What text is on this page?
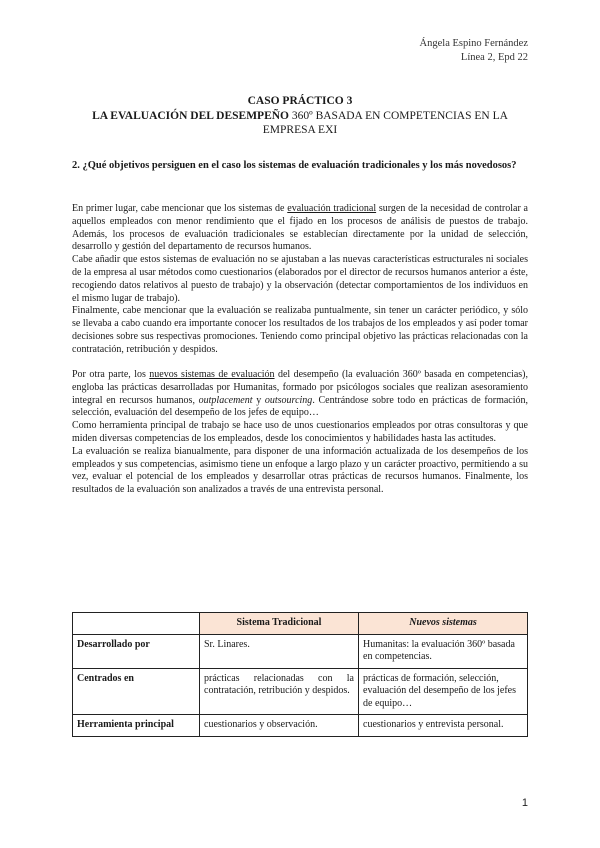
Ángela Espino Fernández
Línea 2, Epd 22
CASO PRÁCTICO 3
LA EVALUACIÓN DEL DESEMPEÑO 360º BASADA EN COMPETENCIAS EN LA EMPRESA EXI
2. ¿Qué objetivos persiguen en el caso los sistemas de evaluación tradicionales y los más novedosos?

En primer lugar, cabe mencionar que los sistemas de evaluación tradicional surgen de la necesidad de controlar a aquellos empleados con menor rendimiento que el fijado en los procesos de análisis de puestos de trabajo. Además, los procesos de evaluación tradicionales se establecían directamente por la unidad de selección, desarrollo y gestión del departamento de recursos humanos.

Cabe añadir que estos sistemas de evaluación no se ajustaban a las nuevas características estructurales ni sociales de la empresa al usar métodos como cuestionarios (elaborados por el director de recursos humanos anterior a éste, recogiendo datos relativos al puesto de trabajo) y la observación (detectar comportamientos de los individuos en el mismo lugar de trabajo).

Finalmente, cabe mencionar que la evaluación se realizaba puntualmente, sin tener un carácter periódico, y sólo se llevaba a cabo cuando era importante conocer los resultados de los trabajos de los empleados y así poder tomar decisiones sobre sus respectivas promociones. Teniendo como principal objetivo las prácticas relacionadas con la contratación, retribución y despidos.

Por otra parte, los nuevos sistemas de evaluación del desempeño (la evaluación 360º basada en competencias), engloba las prácticas desarrolladas por Humanitas, formado por psicólogos sociales que realizan asesoramiento integral en recursos humanos, outplacement y outsourcing. Centrándose sobre todo en prácticas de formación, selección, evaluación del desempeño de los jefes de equipo…

Como herramienta principal de trabajo se hace uso de unos cuestionarios empleados por otras consultoras y que miden diversas competencias de los empleados, desde los conocimientos y habilidades hasta las actitudes.

La evaluación se realiza bianualmente, para disponer de una información actualizada de los desempeños de los empleados y sus competencias, asimismo tiene un enfoque a largo plazo y un carácter proactivo, permitiendo a su vez, evaluar el potencial de los empleados y desarrollar otras prácticas de recursos humanos. Finalmente, los resultados de la evaluación son analizados a través de una entrevista personal.

	Sistema Tradicional	Nuevos sistemas
Desarrollado por	Sr. Linares.	Humanitas: la evaluación 360º basada en competencias.
Centrados en	prácticas relacionadas con la contratación, retribución y despidos.	prácticas de formación, selección, evaluación del desempeño de los jefes de equipo…
Herramienta principal	cuestionarios y observación.	cuestionarios y entrevista personal.
1
